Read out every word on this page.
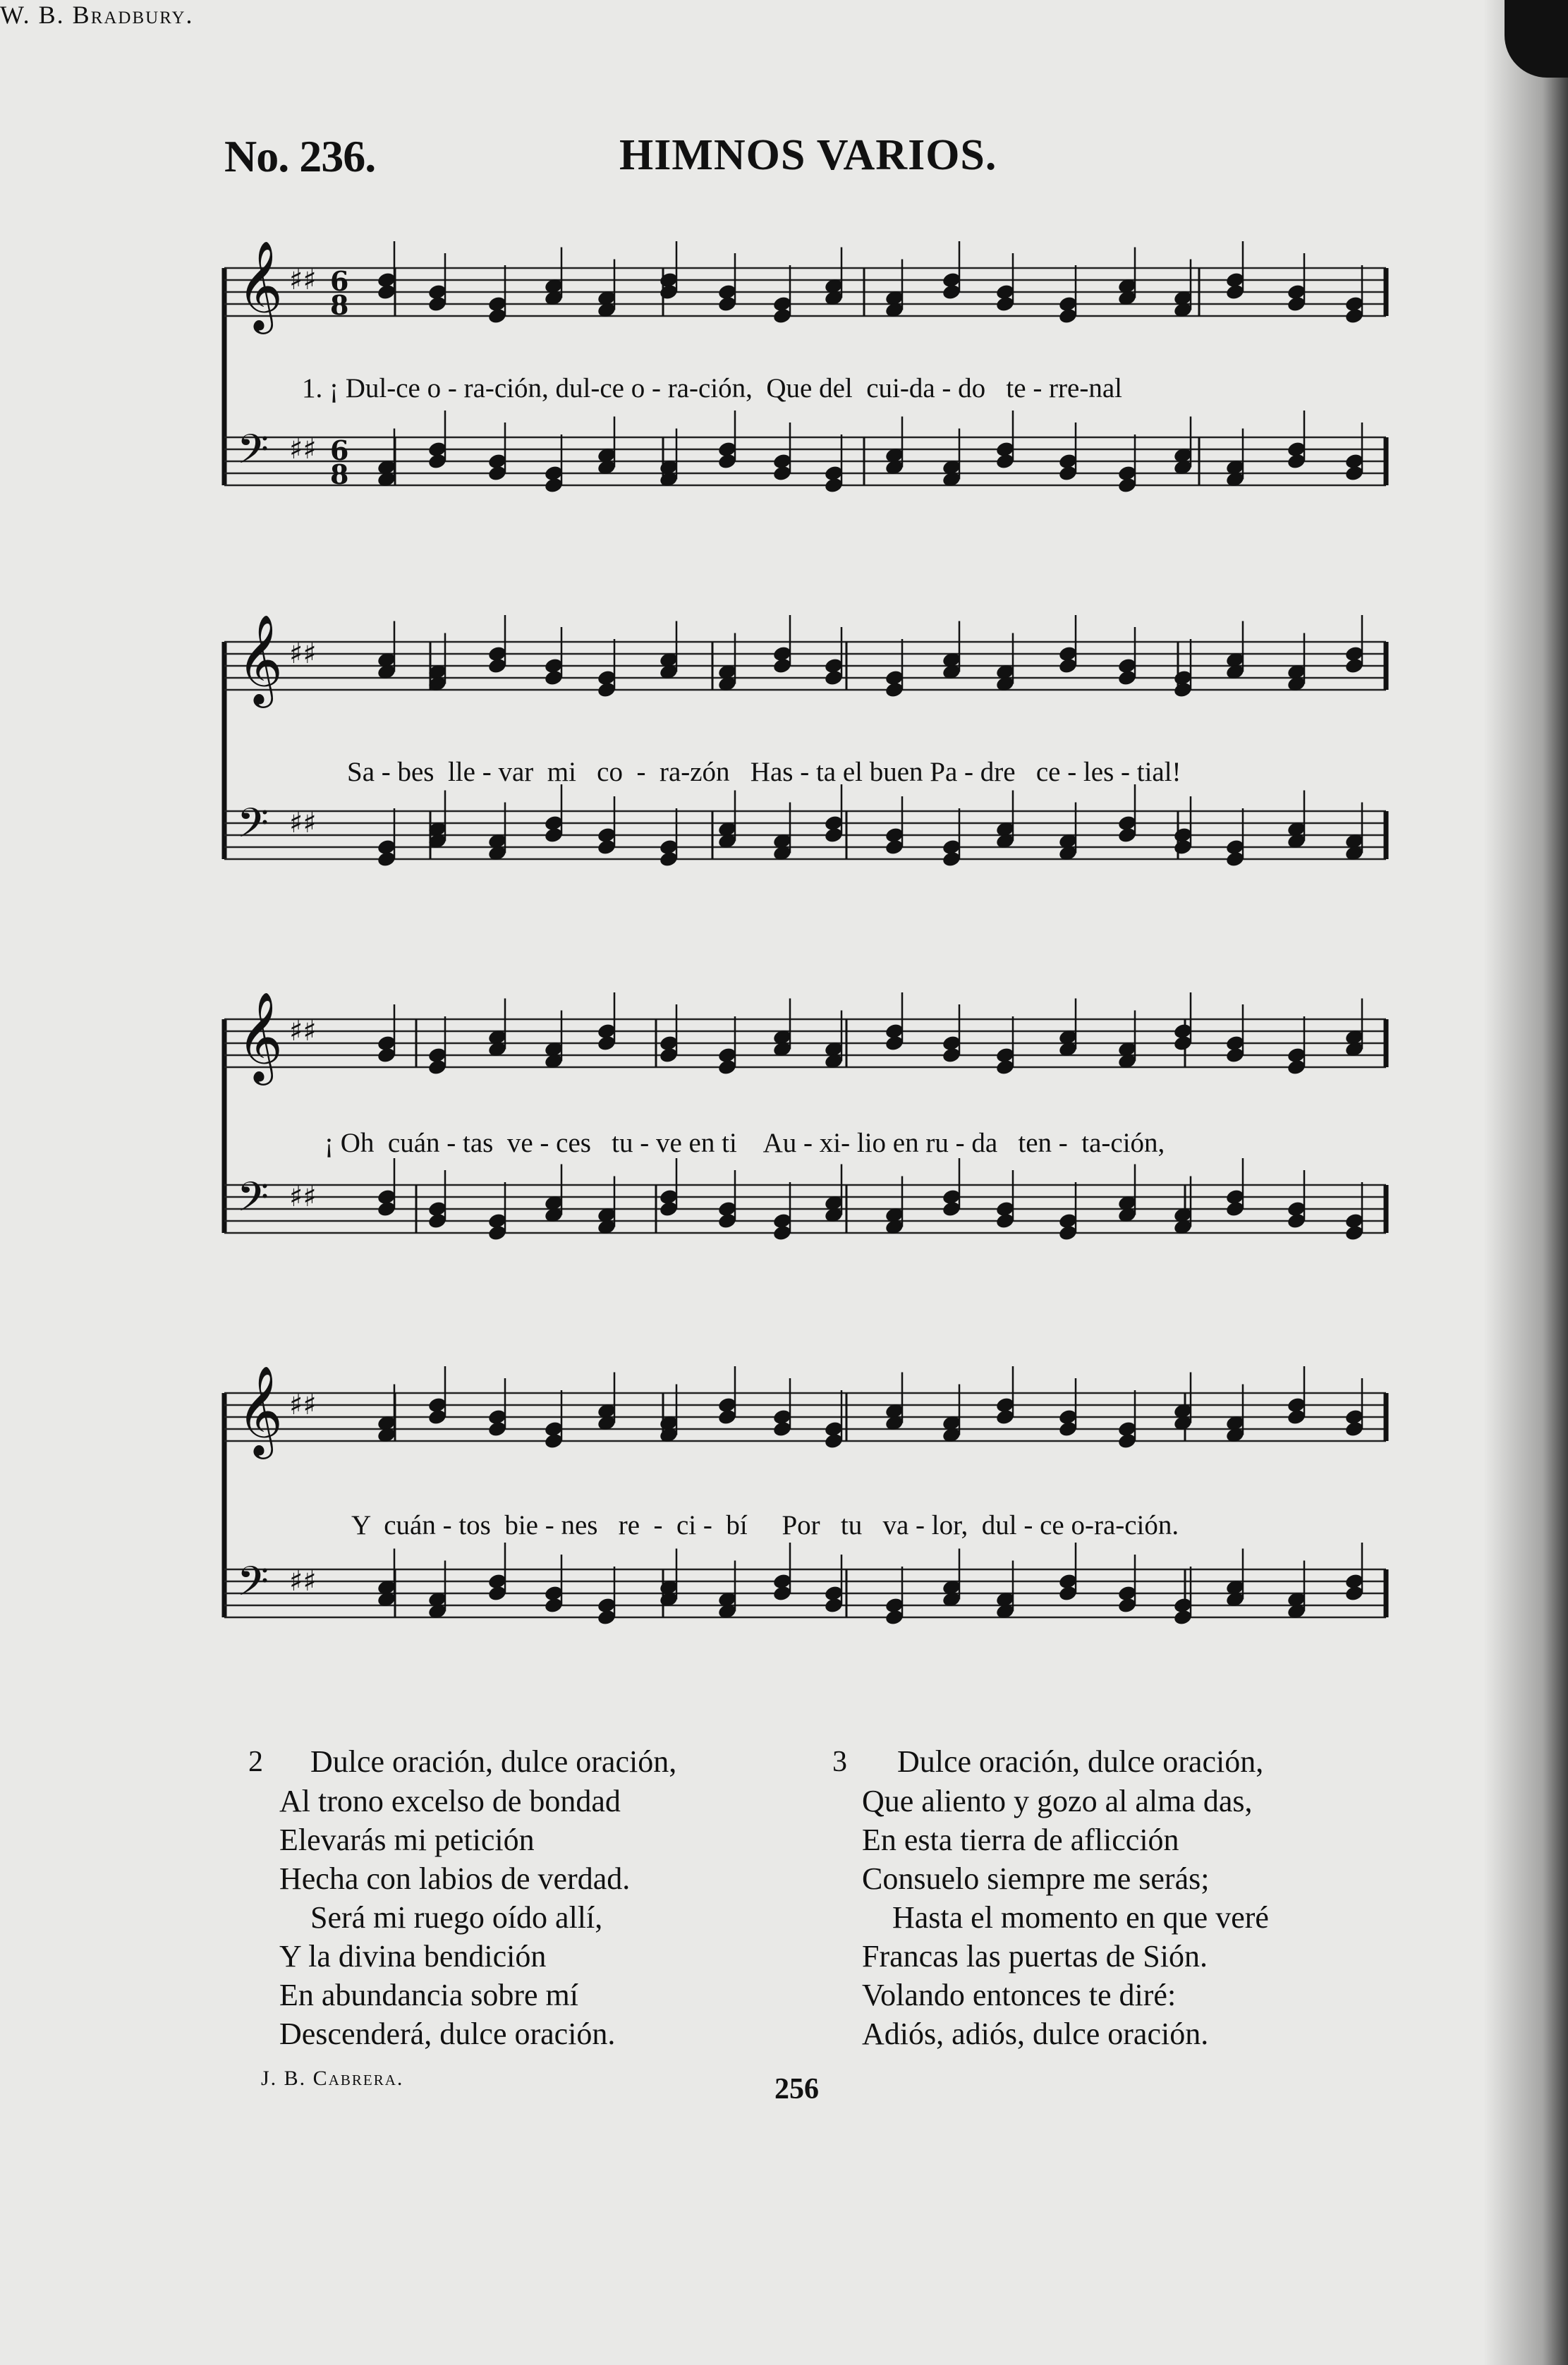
No. 236.	HIMNOS VARIOS.
W. B. Bradbury.
𝄞 ♯♯ 6
8
𝄢 ♯♯ 6
8
𝄞 ♯♯
𝄢 ♯♯
𝄞 ♯♯
𝄢 ♯♯
𝄞 ♯♯
𝄢 ♯♯
1. ¡ Dul-ce o - ra-ción, dul-ce o - ra-ción,  Que del  cui-da - do   te - rre-nal
Sa - bes  lle - var  mi   co  -  ra-zón   Has - ta el buen Pa - dre   ce - les - tial!
¡ Oh  cuán - tas  ve - ces   tu - ve en ti    Au - xi- lio en ru - da   ten -  ta-ción,
Y  cuán - tos  bie - nes   re  -  ci -  bí     Por   tu   va - lor,  dul - ce o-ra-ción.
2 Dulce oración, dulce oración,
Al trono excelso de bondad
Elevarás mi petición
Hecha con labios de verdad.
Será mi ruego oído allí,
Y la divina bendición
En abundancia sobre mí
Descenderá, dulce oración.
3 Dulce oración, dulce oración,
Que aliento y gozo al alma das,
En esta tierra de aflicción
Consuelo siempre me serás;
Hasta el momento en que veré
Francas las puertas de Sión.
Volando entonces te diré:
Adiós, adiós, dulce oración.
J. B. Cabrera.	256
